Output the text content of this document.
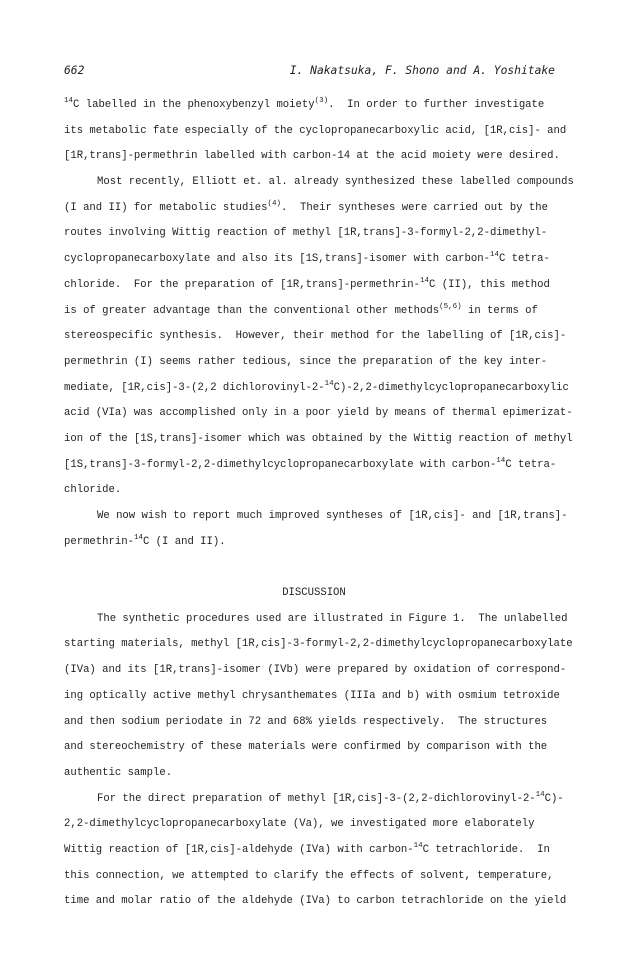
662	I. Nakatsuka, F. Shono and A. Yoshitake
$^{14}$C labelled in the phenoxybenzyl moiety$^{(3)}$.  In order to further investigate
its metabolic fate especially of the cyclopropanecarboxylic acid, [1R,cis]- and
[1R,trans]-permethrin labelled with carbon-14 at the acid moiety were desired.
Most recently, Elliott et. al. already synthesized these labelled compounds
(I and II) for metabolic studies$^{(4)}$.  Their syntheses were carried out by the
routes involving Wittig reaction of methyl [1R,trans]-3-formyl-2,2-dimethyl-
cyclopropanecarboxylate and also its [1S,trans]-isomer with carbon-$^{14}$C tetra-
chloride.  For the preparation of [1R,trans]-permethrin-$^{14}$C (II), this method
is of greater advantage than the conventional other methods$^{(5,6)}$ in terms of
stereospecific synthesis.  However, their method for the labelling of [1R,cis]-
permethrin (I) seems rather tedious, since the preparation of the key inter-
mediate, [1R,cis]-3-(2,2 dichlorovinyl-2-$^{14}$C)-2,2-dimethylcyclopropanecarboxylic
acid (VIa) was accomplished only in a poor yield by means of thermal epimerizat-
ion of the [1S,trans]-isomer which was obtained by the Wittig reaction of methyl
[1S,trans]-3-formyl-2,2-dimethylcyclopropanecarboxylate with carbon-$^{14}$C tetra-
chloride.
We now wish to report much improved syntheses of [1R,cis]- and [1R,trans]-
permethrin-$^{14}$C (I and II).
DISCUSSION
The synthetic procedures used are illustrated in Figure 1.  The unlabelled
starting materials, methyl [1R,cis]-3-formyl-2,2-dimethylcyclopropanecarboxylate
(IVa) and its [1R,trans]-isomer (IVb) were prepared by oxidation of correspond-
ing optically active methyl chrysanthemates (IIIa and b) with osmium tetroxide
and then sodium periodate in 72 and 68% yields respectively.  The structures
and stereochemistry of these materials were confirmed by comparison with the
authentic sample.
For the direct preparation of methyl [1R,cis]-3-(2,2-dichlorovinyl-2-$^{14}$C)-
2,2-dimethylcyclopropanecarboxylate (Va), we investigated more elaborately
Wittig reaction of [1R,cis]-aldehyde (IVa) with carbon-$^{14}$C tetrachloride.  In
this connection, we attempted to clarify the effects of solvent, temperature,
time and molar ratio of the aldehyde (IVa) to carbon tetrachloride on the yield
